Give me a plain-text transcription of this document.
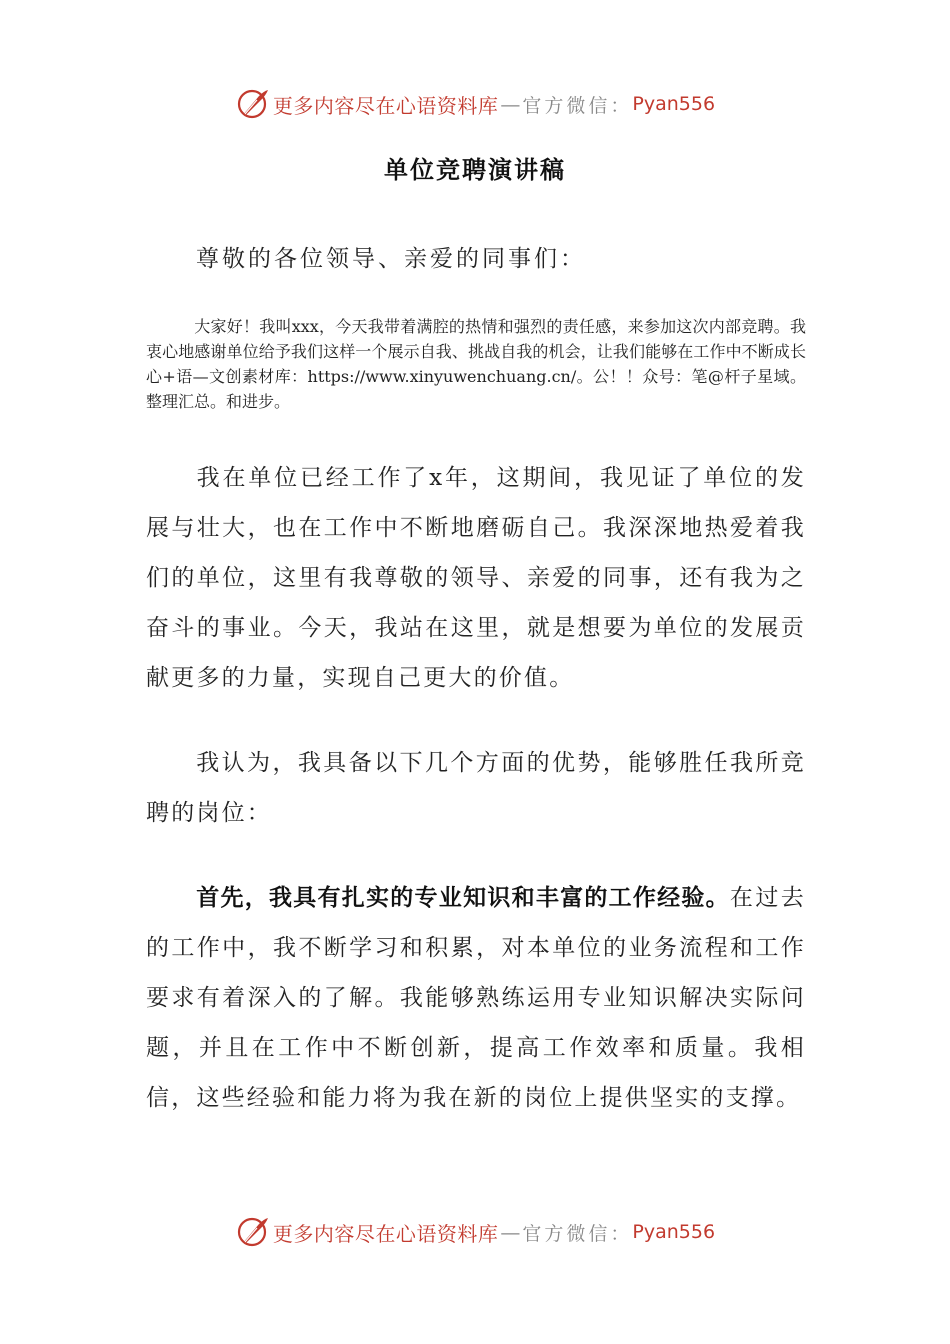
更多内容尽在心语资料库 — 官方微信： Pyan556
单位竞聘演讲稿
尊敬的各位领导、亲爱的同事们：
大家好！我叫xxx，今天我带着满腔的热情和强烈的责任感，来参加这次内部竞聘。我衷心地感谢单位给予我们这样一个展示自我、挑战自我的机会，让我们能够在工作中不断成长心+语—文创素材库：https://www.xinyuwenchuang.cn/。公！！众号：笔@杆子星域。整理汇总。和进步。
我在单位已经工作了x年，这期间，我见证了单位的发展与壮大，也在工作中不断地磨砺自己。我深深地热爱着我们的单位，这里有我尊敬的领导、亲爱的同事，还有我为之奋斗的事业。今天，我站在这里，就是想要为单位的发展贡献更多的力量，实现自己更大的价值。
我认为，我具备以下几个方面的优势，能够胜任我所竞聘的岗位：
首先，我具有扎实的专业知识和丰富的工作经验。在过去的工作中，我不断学习和积累，对本单位的业务流程和工作要求有着深入的了解。我能够熟练运用专业知识解决实际问题，并且在工作中不断创新，提高工作效率和质量。我相信，这些经验和能力将为我在新的岗位上提供坚实的支撑。
更多内容尽在心语资料库 — 官方微信： Pyan556
